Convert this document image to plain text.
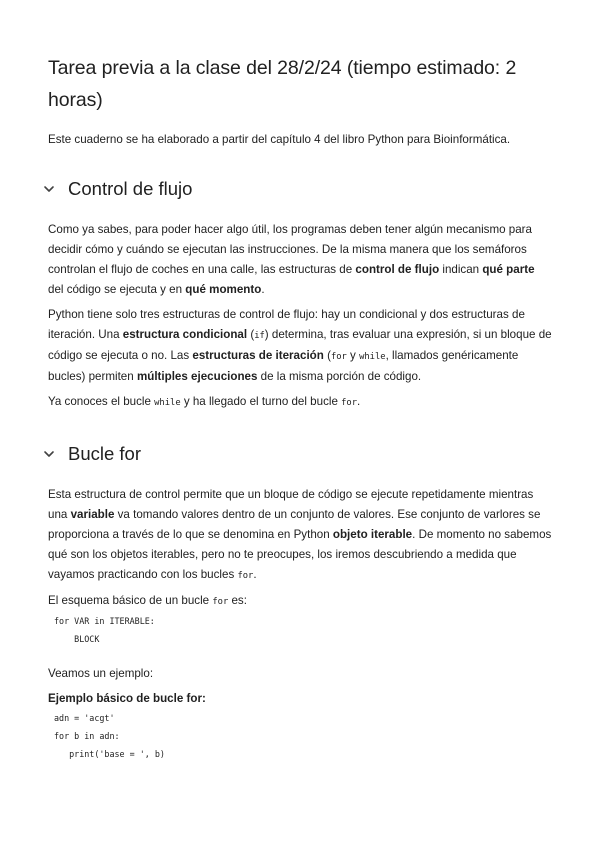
Tarea previa a la clase del 28/2/24 (tiempo estimado: 2 horas)

Este cuaderno se ha elaborado a partir del capítulo 4 del libro Python para Bioinformática.

Control de flujo

Como ya sabes, para poder hacer algo útil, los programas deben tener algún mecanismo para decidir cómo y cuándo se ejecutan las instrucciones. De la misma manera que los semáforos controlan el flujo de coches en una calle, las estructuras de control de flujo indican qué parte del código se ejecuta y en qué momento.

Python tiene solo tres estructuras de control de flujo: hay un condicional y dos estructuras de iteración. Una estructura condicional (if) determina, tras evaluar una expresión, si un bloque de código se ejecuta o no. Las estructuras de iteración (for y while, llamados genéricamente bucles) permiten múltiples ejecuciones de la misma porción de código.

Ya conoces el bucle while y ha llegado el turno del bucle for.

Bucle for

Esta estructura de control permite que un bloque de código se ejecute repetidamente mientras una variable va tomando valores dentro de un conjunto de valores. Ese conjunto de varlores se proporciona a través de lo que se denomina en Python objeto iterable. De momento no sabemos qué son los objetos iterables, pero no te preocupes, los iremos descubriendo a medida que vayamos practicando con los bucles for.

El esquema básico de un bucle for es:

for VAR in ITERABLE:
BLOCK

Veamos un ejemplo:

Ejemplo básico de bucle for:

adn = 'acgt'
for b in adn:
print('base = ', b)
